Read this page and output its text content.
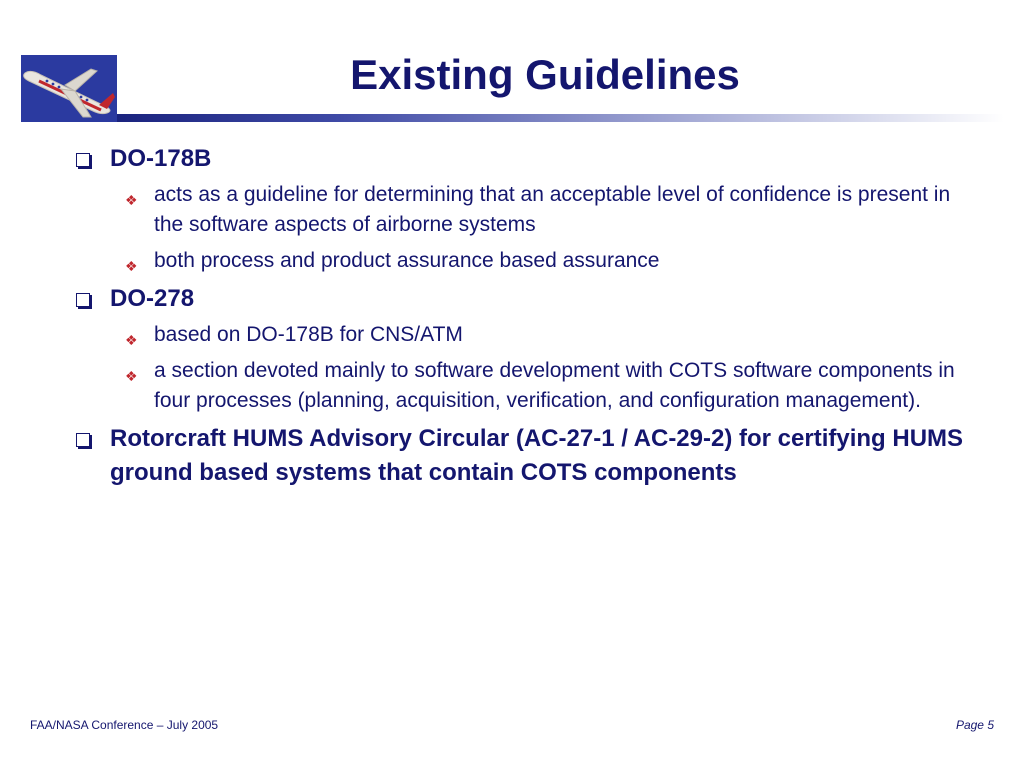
Existing Guidelines
DO-178B
❖ acts as a guideline for determining that an acceptable level of confidence is present in the software aspects of airborne systems
❖ both process and product assurance based assurance
DO-278
❖ based on DO-178B for CNS/ATM
❖ a section devoted mainly to software development with COTS software components in four processes (planning, acquisition, verification, and configuration management).
Rotorcraft HUMS Advisory Circular (AC-27-1 / AC-29-2) for certifying HUMS ground based systems that contain COTS components
FAA/NASA Conference – July 2005	Page 5
